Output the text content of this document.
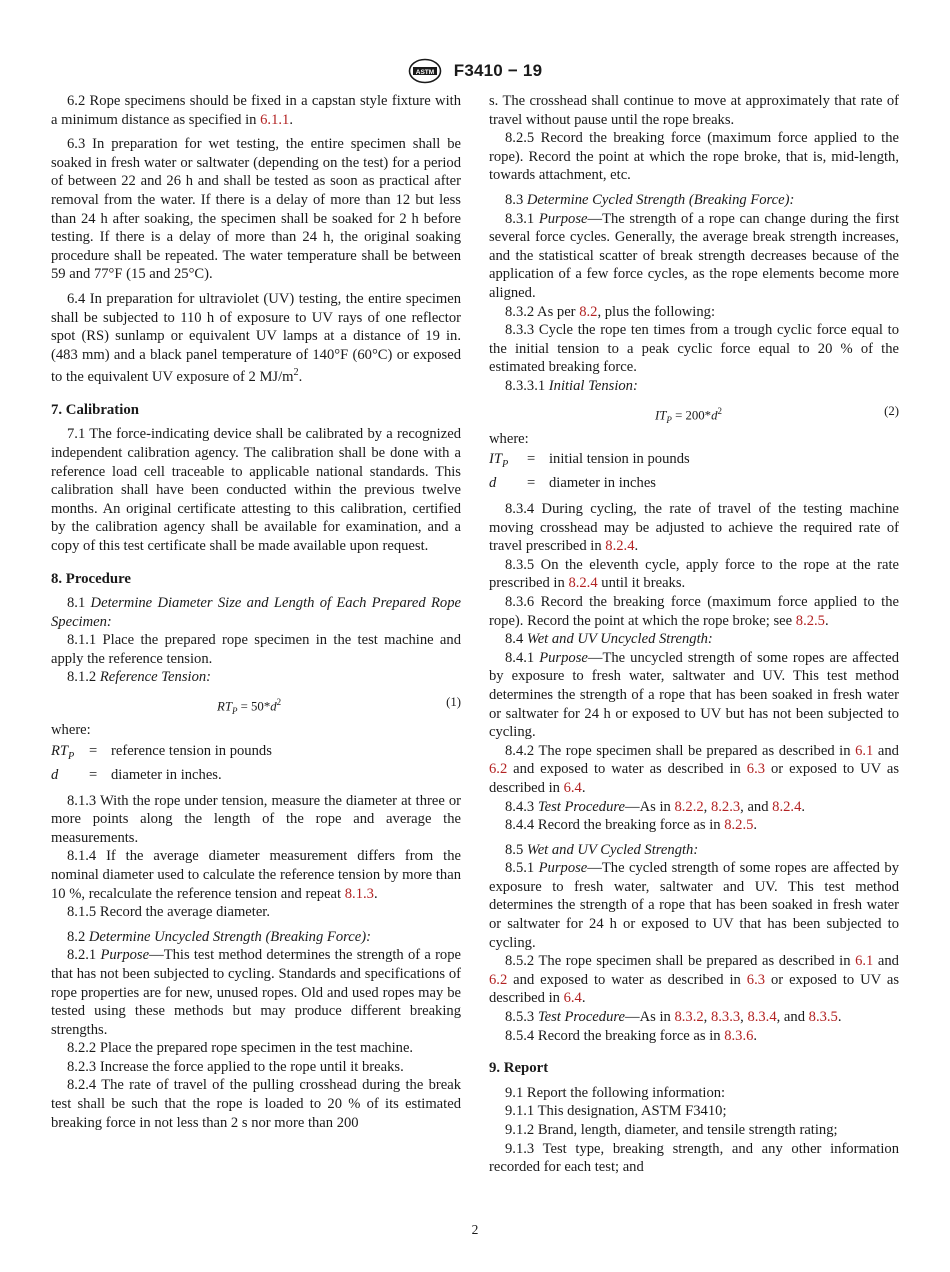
ASTM F3410 − 19

6.2 Rope specimens should be fixed in a capstan style fixture with a minimum distance as specified in 6.1.1.

6.3 In preparation for wet testing, the entire specimen shall be soaked in fresh water or saltwater (depending on the test) for a period of between 22 and 26 h and shall be tested as soon as practical after removal from the water. If there is a delay of more than 12 but less than 24 h after soaking, the specimen shall be soaked for 2 h before testing. If there is a delay of more than 24 h, the original soaking procedure shall be repeated. The water temperature shall be between 59 and 77°F (15 and 25°C).

6.4 In preparation for ultraviolet (UV) testing, the entire specimen shall be subjected to 110 h of exposure to UV rays of one reflector spot (RS) sunlamp or equivalent UV lamps at a distance of 19 in. (483 mm) and a black panel temperature of 140°F (60°C) or exposed to the equivalent UV exposure of 2 $MJ/m^2$.

7. Calibration

7.1 The force-indicating device shall be calibrated by a recognized independent calibration agency. The calibration shall be done with a reference load cell traceable to applicable national standards. This calibration shall have been conducted within the previous twelve months. An original certificate attesting to this calibration, certified by the calibration agency shall be available for examination, and a copy of this test certificate shall be made available upon request.

8. Procedure

8.1 Determine Diameter Size and Length of Each Prepared Rope Specimen:

8.1.1 Place the prepared rope specimen in the test machine and apply the reference tension.

8.1.2 Reference Tension:

$RT_P = 50*d^2$	(1)

where:

$RT_P$	= reference tension in pounds
d	= diameter in inches.

8.1.3 With the rope under tension, measure the diameter at three or more points along the length of the rope and average the measurements.

8.1.4 If the average diameter measurement differs from the nominal diameter used to calculate the reference tension by more than 10 %, recalculate the reference tension and repeat 8.1.3.

8.1.5 Record the average diameter.

8.2 Determine Uncycled Strength (Breaking Force):

8.2.1 Purpose—This test method determines the strength of a rope that has not been subjected to cycling. Standards and specifications of rope properties are for new, unused ropes. Old and used ropes may be tested using these methods but may produce different breaking strengths.

8.2.2 Place the prepared rope specimen in the test machine.

8.2.3 Increase the force applied to the rope until it breaks.

8.2.4 The rate of travel of the pulling crosshead during the break test shall be such that the rope is loaded to 20 % of its estimated breaking force in not less than 2 s nor more than 200

s. The crosshead shall continue to move at approximately that rate of travel without pause until the rope breaks.

8.2.5 Record the breaking force (maximum force applied to the rope). Record the point at which the rope broke, that is, mid-length, towards attachment, etc.

8.3 Determine Cycled Strength (Breaking Force):

8.3.1 Purpose—The strength of a rope can change during the first several force cycles. Generally, the average break strength increases, and the statistical scatter of break strength decreases because of the application of a few force cycles, as the rope elements become more aligned.

8.3.2 As per 8.2, plus the following:

8.3.3 Cycle the rope ten times from a trough cyclic force equal to the initial tension to a peak cyclic force equal to 20 % of the estimated breaking force.

8.3.3.1 Initial Tension:

$IT_P = 200*d^2$	(2)

where:

$IT_P$	= initial tension in pounds
d	= diameter in inches

8.3.4 During cycling, the rate of travel of the testing machine moving crosshead may be adjusted to achieve the required rate of travel prescribed in 8.2.4.

8.3.5 On the eleventh cycle, apply force to the rope at the rate prescribed in 8.2.4 until it breaks.

8.3.6 Record the breaking force (maximum force applied to the rope). Record the point at which the rope broke; see 8.2.5.

8.4 Wet and UV Uncycled Strength:

8.4.1 Purpose—The uncycled strength of some ropes are affected by exposure to fresh water, saltwater and UV. This test method determines the strength of a rope that has been soaked in fresh water or saltwater for 24 h or exposed to UV but has not been subjected to cycling.

8.4.2 The rope specimen shall be prepared as described in 6.1 and 6.2 and exposed to water as described in 6.3 or exposed to UV as described in 6.4.

8.4.3 Test Procedure—As in 8.2.2, 8.2.3, and 8.2.4.

8.4.4 Record the breaking force as in 8.2.5.

8.5 Wet and UV Cycled Strength:

8.5.1 Purpose—The cycled strength of some ropes are affected by exposure to fresh water, saltwater and UV. This test method determines the strength of a rope that has been soaked in fresh water or saltwater for 24 h or exposed to UV that has been subjected to cycling.

8.5.2 The rope specimen shall be prepared as described in 6.1 and 6.2 and exposed to water as described in 6.3 or exposed to UV as described in 6.4.

8.5.3 Test Procedure—As in 8.3.2, 8.3.3, 8.3.4, and 8.3.5.

8.5.4 Record the breaking force as in 8.3.6.

9. Report

9.1 Report the following information:

9.1.1 This designation, ASTM F3410;

9.1.2 Brand, length, diameter, and tensile strength rating;

9.1.3 Test type, breaking strength, and any other information recorded for each test; and

2
